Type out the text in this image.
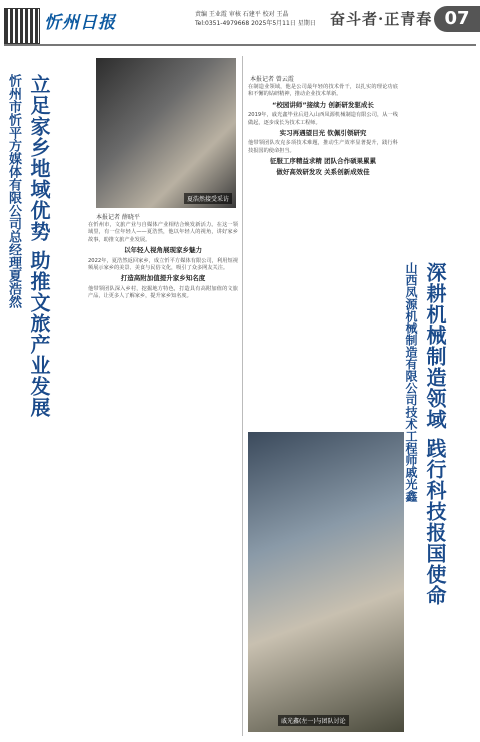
忻州日报	责编 王业霞 审核 石建平 校对 王晶
Tel:0351-4979668 2025年5月11日 星期日 奋斗者·正青春 07
忻州市忻平方媒体有限公司总经理夏浩然 立足家乡地域优势 助推文旅产业发展	夏浩然接受采访
本报记者 薛晓平

在忻州市，文旅产业与自媒体产业相结合焕发新活力。在这一领域里，有一位年轻人——夏浩然，他以年轻人的视角，讲好家乡故事，助推文旅产业发展。

以年轻人视角展现家乡魅力

2022年，夏浩然返回家乡，成立忻平方媒体有限公司，利用短视频展示家乡的美景、美食与民俗文化，吸引了众多网友关注。

打造高附加值提升家乡知名度

他带领团队深入乡村，挖掘地方特色，打造具有高附加值的文旅产品，让更多人了解家乡，提升家乡知名度。

本报记者 曾云霞

在制造业领域，他是公司最年轻的技术骨干，以扎实的理论功底和不懈的钻研精神，推动企业技术革新。

“校园讲师”接续力 创新研发驱成长

2019年，戚光鑫毕业后进入山西凤源机械制造有限公司，从一线做起，逐步成长为技术工程师。

实习再遇望目光 钦佩引领研究

他带领团队攻克多项技术难题，推动生产效率显著提升，践行科技报国的使命担当。

征服工序精益求精 团队合作硕果累累
做好高效研发攻 关系创新成效佳
山西凤源机械制造有限公司技术工程师戚光鑫 深耕机械制造领域 践行科技报国使命
戚光鑫(左一)与团队讨论
